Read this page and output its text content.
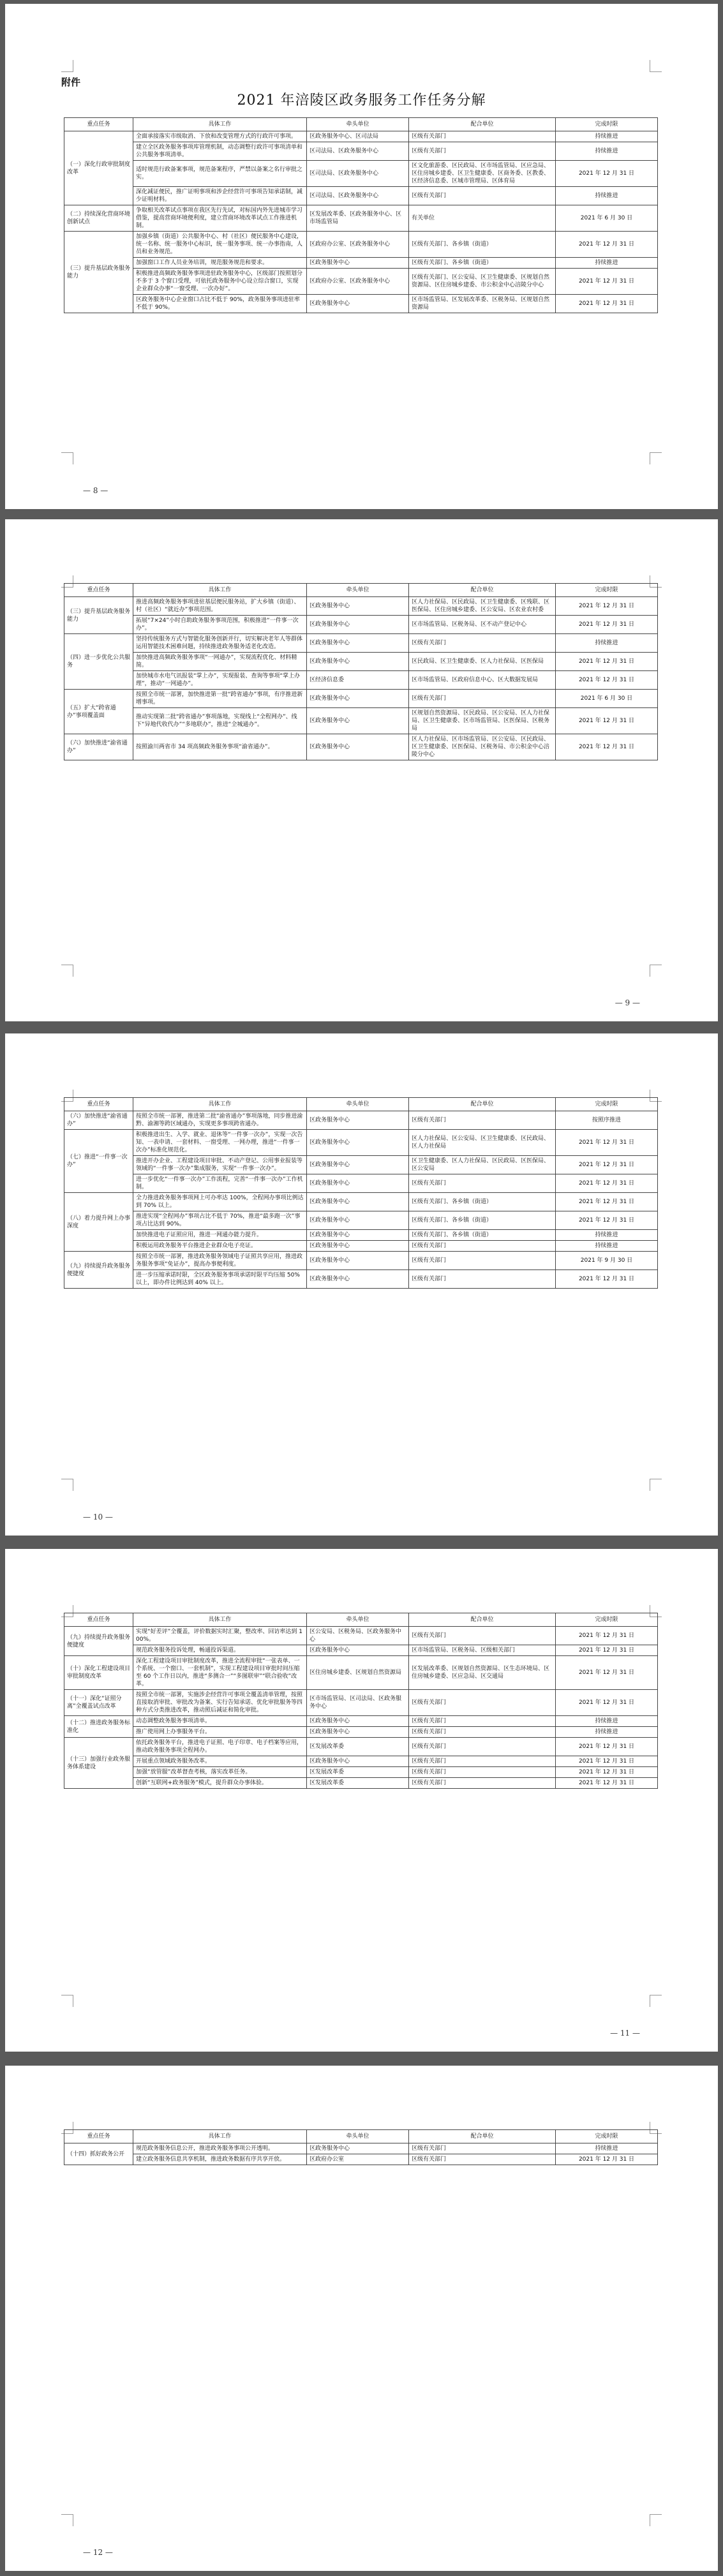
附件
2021 年涪陵区政务服务工作任务分解
重点任务	具体工作	牵头单位	配合单位	完成时限
（一）深化行政审批制度改革	全面承接落实市级取消、下放和改变管理方式的行政许可事项。	区政务服务中心、区司法局	区级有关部门	持续推进
	建立全区政务服务事项库管理机制，动态调整行政许可事项清单和公共服务事项清单。	区司法局、区政务服务中心	区级有关部门	持续推进
	适时规范行政备案事项，规范备案程序，严禁以备案之名行审批之实。	区司法局、区政务服务中心	区文化旅游委、区民政局、区市场监管局、区应急局、区住房城乡建委、区卫生健康委、区商务委、区教委、区经济信息委、区城市管理局、区体育局	2021 年 12 月 31 日
	深化减证便民，推广证明事项和涉企经营许可事项告知承诺制，减少证明材料。	区司法局、区政务服务中心	区级有关部门	持续推进
（二）持续深化营商环境创新试点	争取相关改革试点事项在我区先行先试，对标国内外先进城市学习借鉴，提高营商环境便利度，建立营商环境改革试点工作推进机制。	区发展改革委、区政务服务中心、区市场监管局	有关单位	2021 年 6 月 30 日
（三）提升基层政务服务能力	加强乡镇（街道）公共服务中心、村（社区）便民服务中心建设，统一名称、统一服务中心标识，统一服务事项、统一办事指南，人员和业务规范。	区政府办公室、区政务服务中心	区级有关部门、各乡镇（街道）	2021 年 12 月 31 日
	加强窗口工作人员业务培训，规范服务规范和要求。	区政务服务中心	区级有关部门、各乡镇（街道）	持续推进
	积极推进高频政务服务事项进驻政务服务中心，区级部门按照划分不多于 3 个窗口受理，可依托政务服务中心设立综合窗口，实现企业群众办事“一窗受理、一次办好”。	区政府办公室、区政务服务中心	区级有关部门、区公安局、区卫生健康委、区规划自然资源局、区住房城乡建委、市公积金中心涪陵分中心	2021 年 12 月 31 日
	区政务服务中心企业窗口占比不低于 90%，政务服务事项进驻率不低于 90%。	区政务服务中心	区市场监管局、区发展改革委、区税务局、区规划自然资源局	2021 年 12 月 31 日
— 8 —
重点任务	具体工作	牵头单位	配合单位	完成时限
（三）提升基层政务服务能力	推进高频政务服务事项进驻基层便民服务站，扩大乡镇（街道）、村（社区）“就近办”事项范围。	区政务服务中心	区人力社保局、区民政局、区卫生健康委、区残联、区医保局、区住房城乡建委、区公安局、区农业农村委	2021 年 12 月 31 日
	拓展“7×24”小时自助政务服务事项范围，积极推进“一件事一次办”。	区政务服务中心	区市场监管局、区税务局、区不动产登记中心	2021 年 12 月 31 日
（四）进一步优化公共服务	坚持传统服务方式与智能化服务创新并行，切实解决老年人等群体运用智能技术困难问题，持续推进政务服务适老化改造。	区政务服务中心	区级有关部门	持续推进
	加快推进高频政务服务事项“一网通办”，实现流程优化、材料精简。	区政务服务中心	区民政局、区卫生健康委、区人力社保局、区医保局	2021 年 12 月 31 日
	加快城市水电气讯报装“掌上办”，实现报装、查询等事项“掌上办理”，推动“一网通办”。	区经济信息委	区市场监管局、区政府信息中心、区大数据发展局	2021 年 12 月 31 日
（五）扩大“跨省通办”事项覆盖面	按照全市统一部署，加快推进第一批“跨省通办”事项，有序推进新增事项。	区政务服务中心	区级有关部门	2021 年 6 月 30 日
	推动实现第二批“跨省通办”事项落地，实现线上“全程网办”、线下“异地代收代办”“多地联办”，推进“全城通办”。	区政务服务中心	区规划自然资源局、区民政局、区公安局、区人力社保局、区卫生健康委、区市场监管局、区医保局、区税务局	2021 年 12 月 31 日
（六）加快推进“渝省通办”	按照渝川两省市 34 项高频政务服务事项“渝省通办”。	区政务服务中心	区人力社保局、区市场监管局、区公安局、区民政局、区卫生健康委、区医保局、区税务局、市公积金中心涪陵分中心	2021 年 12 月 31 日
— 9 —
重点任务	具体工作	牵头单位	配合单位	完成时限
（六）加快推进“渝省通办”	按照全市统一部署，推进第二批“渝省通办”事项落地，同步推进渝黔、渝湘等跨区域通办，实现更多事项跨省通办。	区政务服务中心	区级有关部门	按照序推进
（七）推进“一件事一次办”	积极推进出生、入学、就业、退休等“一件事一次办”，实现一次告知、一表申请、一套材料、一窗受理、一网办理，推进“一件事一次办”标准化规范化。	区政务服务中心	区人力社保局、区公安局、区卫生健康委、区民政局、区人力社保局	2021 年 12 月 31 日
	推进开办企业、工程建设项目审批、不动产登记、公用事业报装等领域的“一件事一次办”集成服务，实现“一件事一次办”。	区政务服务中心	区卫生健康委、区人力社保局、区民政局、区医保局、区公安局	2021 年 12 月 31 日
	进一步优化“一件事一次办”工作流程，完善“一件事一次办”工作机制。	区政务服务中心	区级有关部门	2021 年 12 月 31 日
（八）着力提升网上办事深度	全力推进政务服务事项网上可办率达 100%，全程网办事项比例达到 70% 以上。	区政务服务中心	区级有关部门、各乡镇（街道）	2021 年 12 月 31 日
	推进实现“全程网办”事项占比不低于 70%，推进“最多跑一次”事项占比达到 90%。	区政务服务中心	区级有关部门、各乡镇（街道）	2021 年 12 月 31 日
	加快推进电子证照应用，推进一网通办能力提升。	区政务服务中心	区级有关部门、各乡镇（街道）	持续推进
	积极运用政务服务平台推进企业群众电子亮证。	区政务服务中心	区级有关部门	持续推进
（九）持续提升政务服务便捷度	按照全市统一部署，推进政务服务领域电子证照共享应用，推进政务服务事项“免证办”，提高办事便利度。	区政务服务中心	区级有关部门	2021 年 9 月 30 日
	进一步压缩承诺时限，全区政务服务事项承诺时限平均压缩 50% 以上，即办件比例达到 40% 以上。	区政务服务中心	区级有关部门	2021 年 12 月 31 日
— 10 —
重点任务	具体工作	牵头单位	配合单位	完成时限
（九）持续提升政务服务便捷度	实现“好差评”全覆盖，评价数据实时汇聚，整改率、回访率达到 100%。	区公安局、区税务局、区政务服务中心	区级有关部门	2021 年 12 月 31 日
	规范政务服务投诉处理，畅通投诉渠道。	区政务服务中心	区市场监管局、区税务局、区级相关部门	2021 年 12 月 31 日
（十）深化工程建设项目审批制度改革	深化工程建设项目审批制度改革，推进全流程审批“一张表单、一个系统、一个窗口、一套机制”，实现工程建设项目审批时间压缩至 60 个工作日以内，推进“多测合一”“多图联审”“联合验收”改革。	区住房城乡建委、区规划自然资源局	区发展改革委、区规划自然资源局、区生态环境局、区住房城乡建委、区应急局、区交通局	2021 年 12 月 31 日
（十一）深化“证照分离”全覆盖试点改革	按照全市统一部署，实施涉企经营许可事项全覆盖清单管理，按照直接取消审批、审批改为备案、实行告知承诺、优化审批服务等四种方式分类推进改革，推动照后减证和简化审批。	区市场监管局、区司法局、区政务服务中心	区级有关部门	2021 年 12 月 31 日
（十二）推进政务服务标准化	动态调整政务服务事项清单。	区政务服务中心	区级有关部门	持续推进
	推广使用网上办事服务平台。	区政务服务中心	区级有关部门	持续推进
（十三）加强行业政务服务体系建设	依托政务服务平台，推进电子证照、电子印章、电子档案等应用，推动政务服务事项全程网办。	区发展改革委	区级有关部门	2021 年 12 月 31 日
	开展重点领域政务服务改革。	区政务服务中心	区级有关部门	2021 年 12 月 31 日
	加强“放管服”改革督查考核，落实改革任务。	区发展改革委	区级有关部门	2021 年 12 月 31 日
	创新“互联网+政务服务”模式，提升群众办事体验。	区发展改革委	区级有关部门	2021 年 12 月 31 日
— 11 —
重点任务	具体工作	牵头单位	配合单位	完成时限
（十四）抓好政务公开	规范政务服务信息公开，推进政务服务事项公开透明。	区政务服务中心	区级有关部门	持续推进
	建立政务服务信息共享机制，推进政务数据有序共享开放。	区政府办公室	区级有关部门	2021 年 12 月 31 日
— 12 —
